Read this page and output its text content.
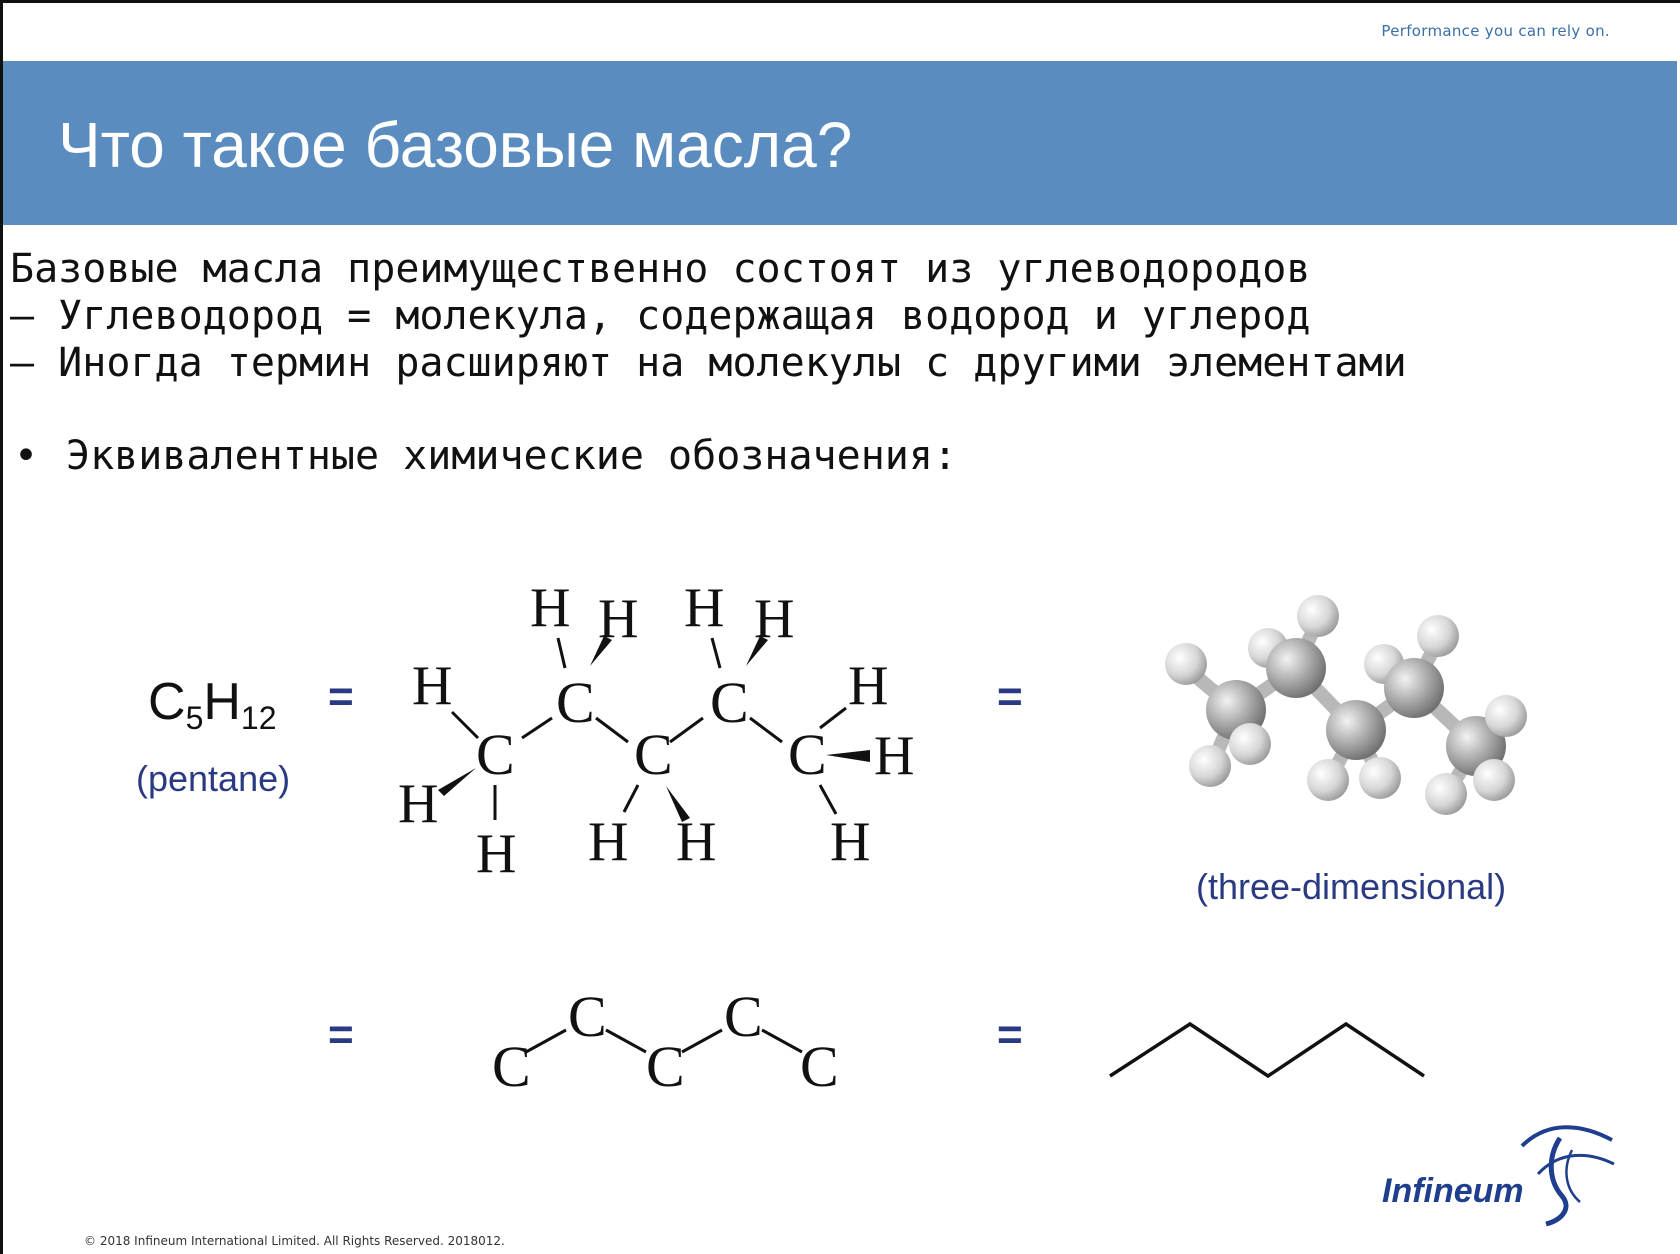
Performance you can rely on.
Что такое базовые масла?
Базовые масла преимущественно состоят из углеводородов
– Углеводород = молекула, содержащая водород и углерод
– Иногда термин расширяют на молекулы с другими элементами
• Эквивалентные химические обозначения:
$C_5H_{12}$
(pentane)
=	=
=	=
H H H H
H	H
C C
C C C H
H
H H H H
C
C
C
C
C
(three-dimensional)
Infineum
© 2018 Infineum International Limited. All Rights Reserved. 2018012.
